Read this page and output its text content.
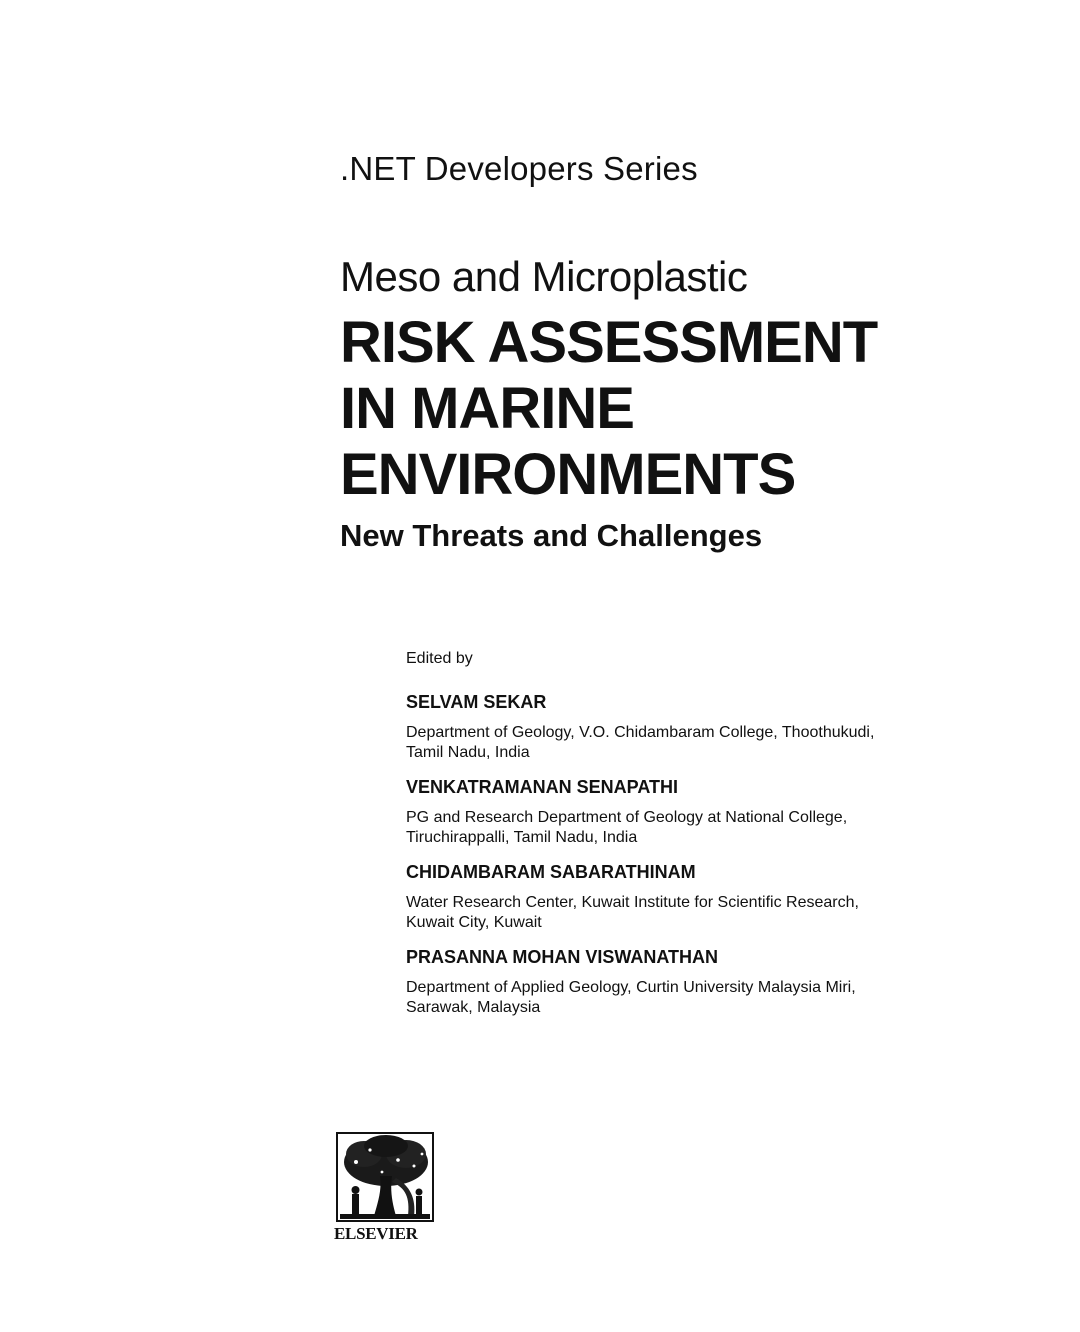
.NET Developers Series
Meso and Microplastic
RISK ASSESSMENT
IN MARINE
ENVIRONMENTS
New Threats and Challenges
Edited by
SELVAM SEKAR
Department of Geology, V.O. Chidambaram College, Thoothukudi,
Tamil Nadu, India
VENKATRAMANAN SENAPATHI
PG and Research Department of Geology at National College,
Tiruchirappalli, Tamil Nadu, India
CHIDAMBARAM SABARATHINAM
Water Research Center, Kuwait Institute for Scientific Research,
Kuwait City, Kuwait
PRASANNA MOHAN VISWANATHAN
Department of Applied Geology, Curtin University Malaysia Miri,
Sarawak, Malaysia
ELSEVIER
